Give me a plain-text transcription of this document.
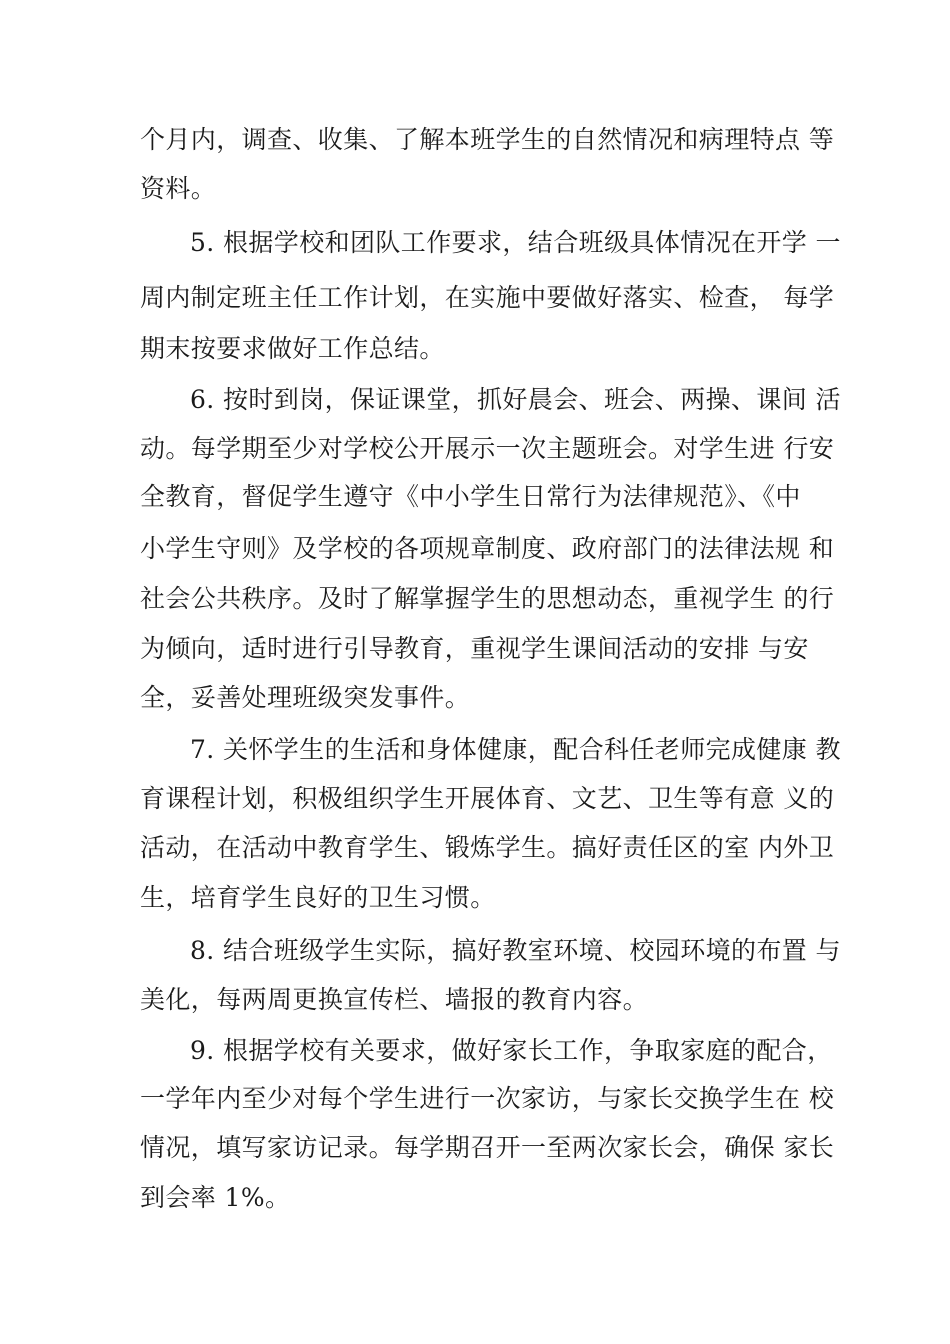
个月内，调查、收集、了解本班学生的自然情况和病理特点 等
资料。
5. 根据学校和团队工作要求，结合班级具体情况在开学 一
周内制定班主任工作计划，在实施中要做好落实、检查， 每学
期末按要求做好工作总结。
6. 按时到岗，保证课堂，抓好晨会、班会、两操、课间 活
动。每学期至少对学校公开展示一次主题班会。对学生进 行安
全教育，督促学生遵守《中小学生日常行为法律规范》、《中
小学生守则》及学校的各项规章制度、政府部门的法律法规 和
社会公共秩序。及时了解掌握学生的思想动态，重视学生 的行
为倾向，适时进行引导教育，重视学生课间活动的安排 与安
全，妥善处理班级突发事件。
7. 关怀学生的生活和身体健康，配合科任老师完成健康 教
育课程计划，积极组织学生开展体育、文艺、卫生等有意 义的
活动，在活动中教育学生、锻炼学生。搞好责任区的室 内外卫
生，培育学生良好的卫生习惯。
8. 结合班级学生实际，搞好教室环境、校园环境的布置 与
美化，每两周更换宣传栏、墙报的教育内容。
9. 根据学校有关要求，做好家长工作，争取家庭的配合，
一学年内至少对每个学生进行一次家访，与家长交换学生在 校
情况，填写家访记录。每学期召开一至两次家长会，确保 家长
到会率 1%。
